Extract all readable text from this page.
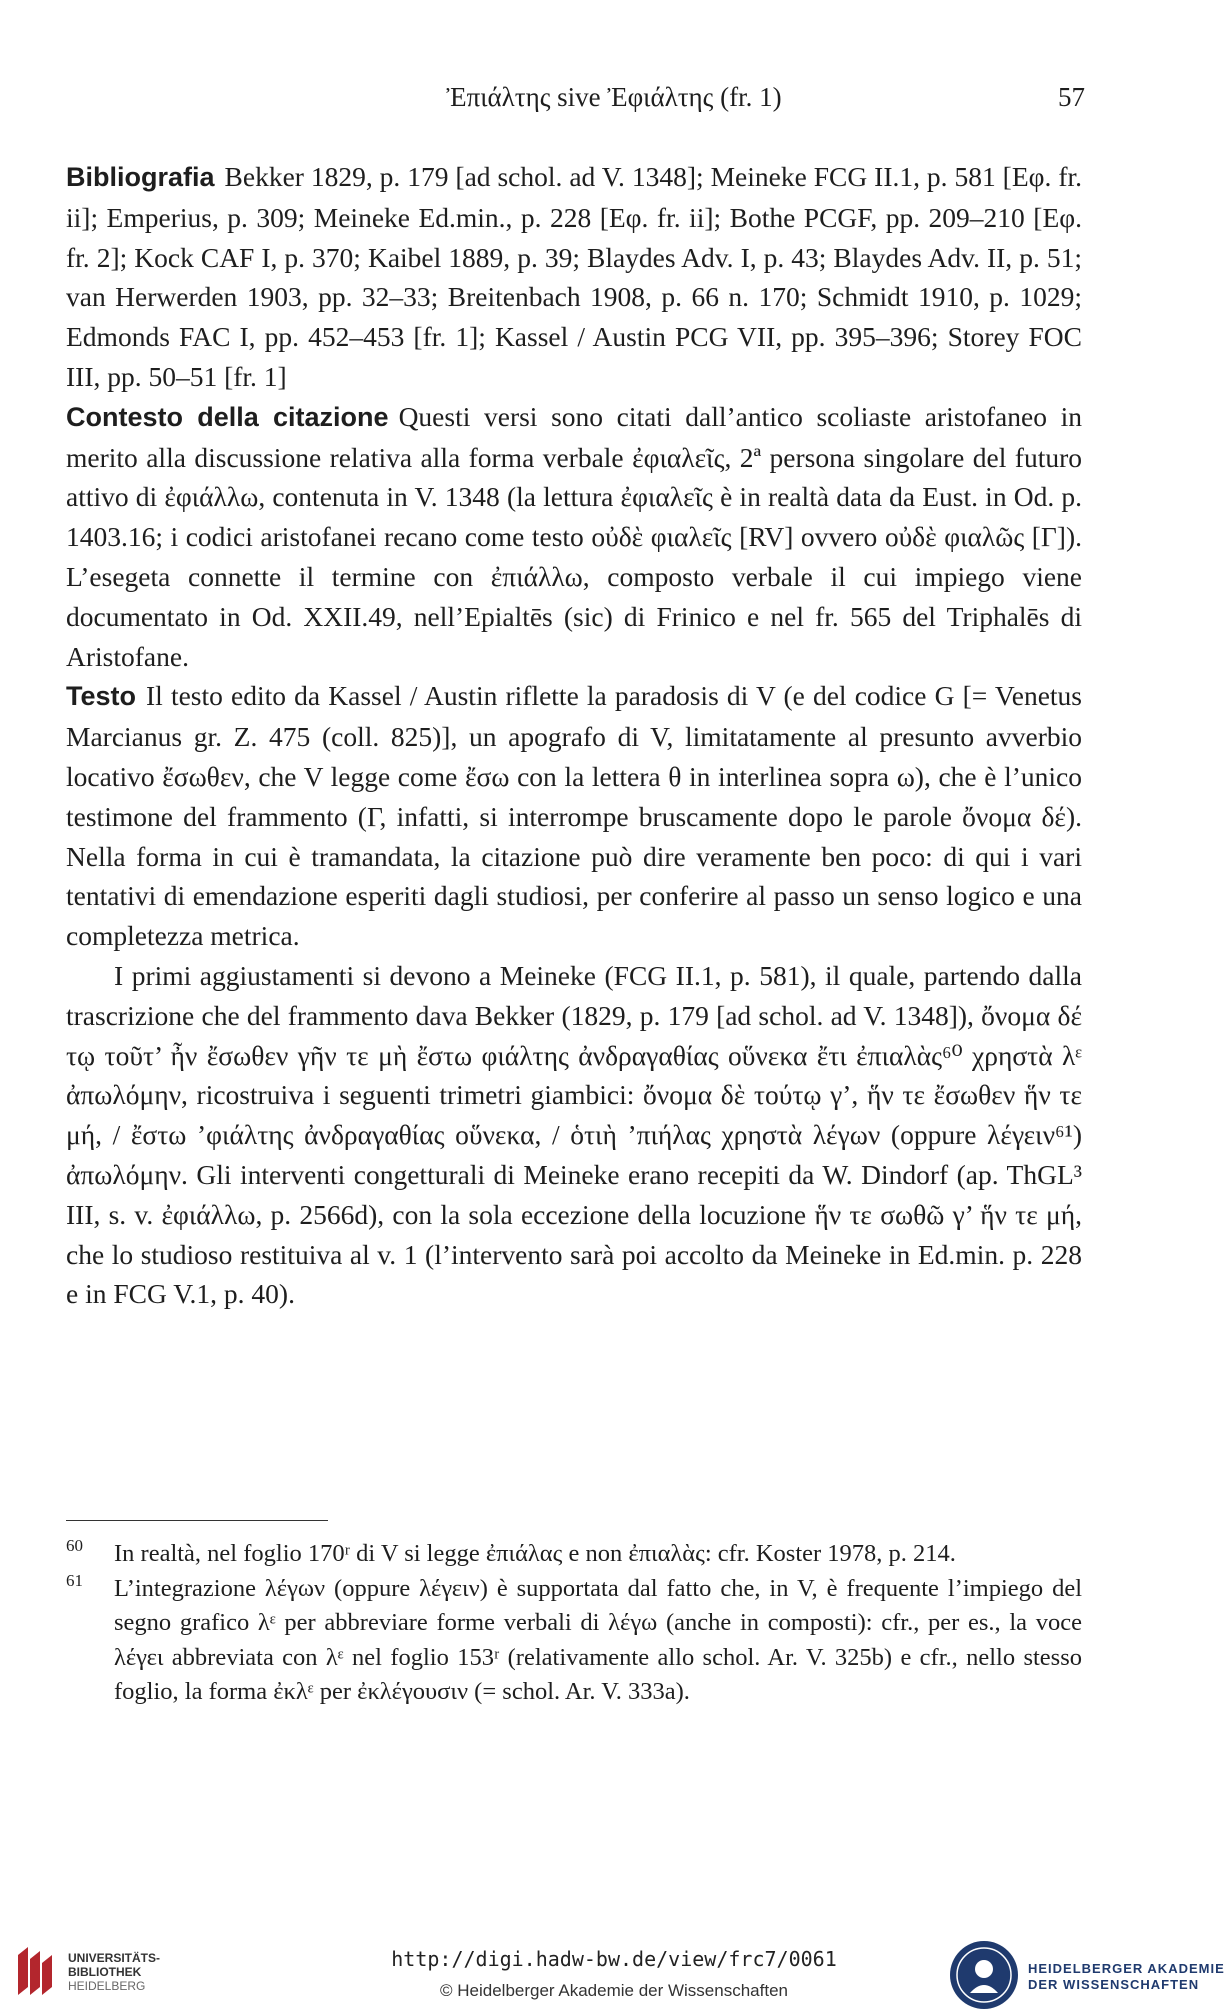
Ἐπιάλτης sive Ἐφιάλτης (fr. 1)	57

Bibliografia Bekker 1829, p. 179 [ad schol. ad V. 1348]; Meineke FCG II.1, p. 581 [Εφ. fr. ii]; Emperius, p. 309; Meineke Ed.min., p. 228 [Εφ. fr. ii]; Bothe PCGF, pp. 209–210 [Εφ. fr. 2]; Kock CAF I, p. 370; Kaibel 1889, p. 39; Blaydes Adv. I, p. 43; Blaydes Adv. II, p. 51; van Herwerden 1903, pp. 32–33; Breitenbach 1908, p. 66 n. 170; Schmidt 1910, p. 1029; Edmonds FAC I, pp. 452–453 [fr. 1]; Kassel / Austin PCG VII, pp. 395–396; Storey FOC III, pp. 50–51 [fr. 1]

Contesto della citazione Questi versi sono citati dall’antico scoliaste aristofaneo in merito alla discussione relativa alla forma verbale ἐφιαλεῖς, 2ª persona singolare del futuro attivo di ἐφιάλλω, contenuta in V. 1348 (la lettura ἐφιαλεῖς è in realtà data da Eust. in Od. p. 1403.16; i codici aristofanei recano come testo οὐδὲ φιαλεῖς [RV] ovvero οὐδὲ φιαλῶς [Γ]). L’esegeta connette il termine con ἐπιάλλω, composto verbale il cui impiego viene documentato in Od. XXII.49, nell’Epialtēs (sic) di Frinico e nel fr. 565 del Triphalēs di Aristofane.

Testo Il testo edito da Kassel / Austin riflette la paradosis di V (e del codice G [= Venetus Marcianus gr. Z. 475 (coll. 825)], un apografo di V, limitatamente al presunto avverbio locativo ἔσωθεν, che V legge come ἔσω con la lettera θ in interlinea sopra ω), che è l’unico testimone del frammento (Γ, infatti, si interrompe bruscamente dopo le parole ὄνομα δέ). Nella forma in cui è tramandata, la citazione può dire veramente ben poco: di qui i vari tentativi di emendazione esperiti dagli studiosi, per conferire al passo un senso logico e una completezza metrica.

I primi aggiustamenti si devono a Meineke (FCG II.1, p. 581), il quale, partendo dalla trascrizione che del frammento dava Bekker (1829, p. 179 [ad schol. ad V. 1348]), ὄνομα δέ τῳ τοῦτ’ ἦν ἔσωθεν γῆν τε μὴ ἔστω φιάλτης ἀνδραγαθίας οὕνεκα ἔτι ἐπιαλὰς⁶⁰ χρηστὰ λᵋ ἀπωλόμην, ricostruiva i seguenti trimetri giambici: ὄνομα δὲ τούτῳ γ’, ἥν τε ἔσωθεν ἥν τε μή, / ἔστω ’φιάλτης ἀνδραγαθίας οὕνεκα, / ὁτιὴ ’πιήλας χρηστὰ λέγων (oppure λέγειν⁶¹) ἀπωλόμην. Gli interventi congetturali di Meineke erano recepiti da W. Dindorf (ap. ThGL³ III, s. v. ἐφιάλλω, p. 2566d), con la sola eccezione della locuzione ἥν τε σωθῶ γ’ ἥν τε μή, che lo studioso restituiva al v. 1 (l’intervento sarà poi accolto da Meineke in Ed.min. p. 228 e in FCG V.1, p. 40).

60 In realtà, nel foglio 170ʳ di V si legge ἐπιάλας e non ἐπιαλὰς: cfr. Koster 1978, p. 214.

61 L’integrazione λέγων (oppure λέγειν) è supportata dal fatto che, in V, è frequente l’impiego del segno grafico λᵋ per abbreviare forme verbali di λέγω (anche in composti): cfr., per es., la voce λέγει abbreviata con λᵋ nel foglio 153ʳ (relativamente allo schol. Ar. V. 325b) e cfr., nello stesso foglio, la forma ἐκλᵋ per ἐκλέγουσιν (= schol. Ar. V. 333a).

UNIVERSITÄTS-
BIBLIOTHEK
HEIDELBERG
http://digi.hadw-bw.de/view/frc7/0061
© Heidelberger Akademie der Wissenschaften
HEIDELBERGER AKADEMIE
DER WISSENSCHAFTEN
